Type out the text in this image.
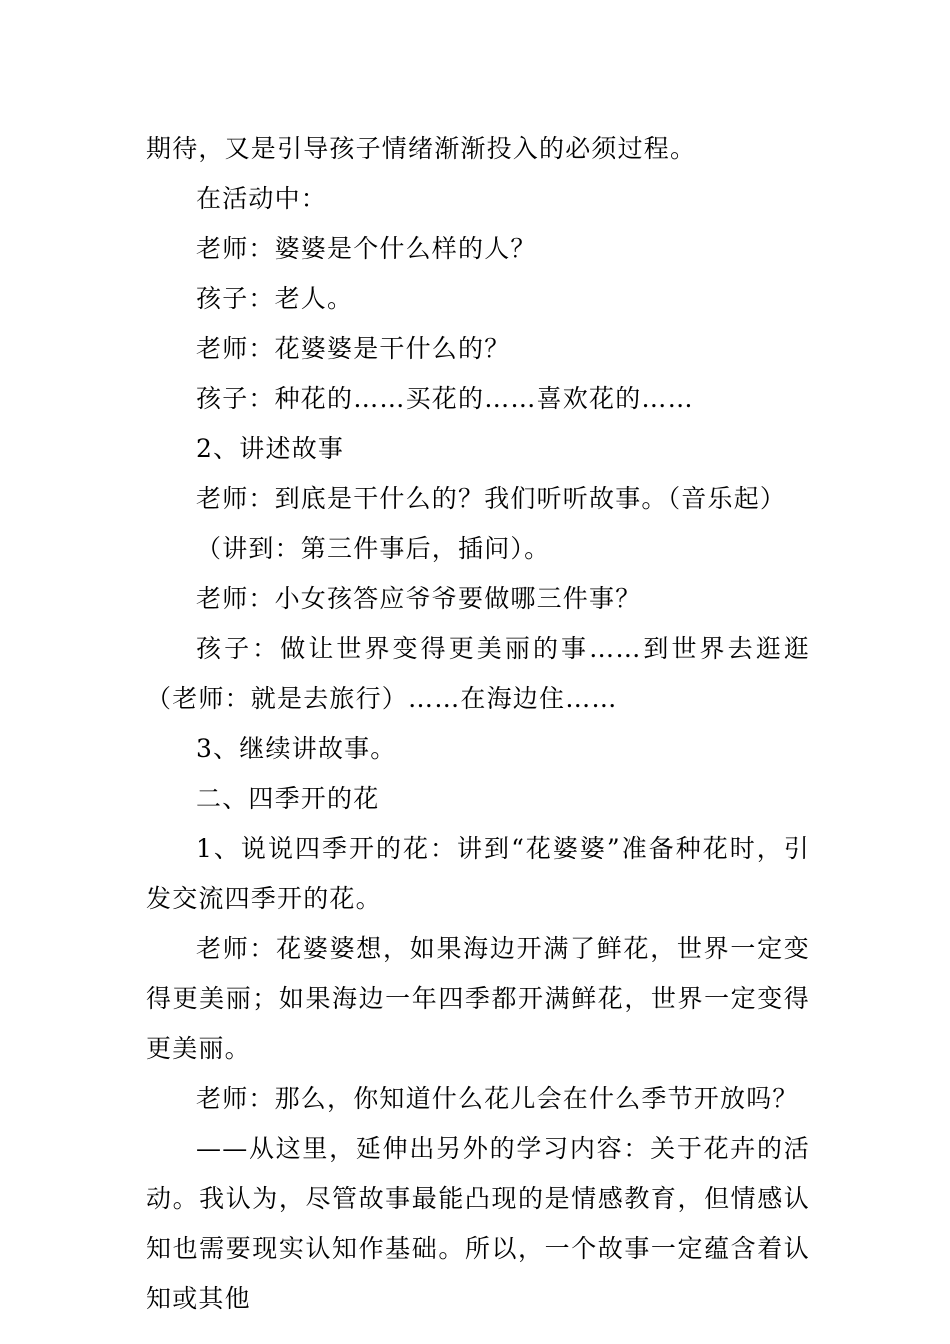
期待，又是引导孩子情绪渐渐投入的必须过程。

在活动中：

老师：婆婆是个什么样的人？

孩子：老人。

老师：花婆婆是干什么的？

孩子：种花的……买花的……喜欢花的……

2、讲述故事

老师：到底是干什么的？我们听听故事。（音乐起）

（讲到：第三件事后，插问）。

老师：小女孩答应爷爷要做哪三件事？

孩子：做让世界变得更美丽的事……到世界去逛逛（老师：就是去旅行）……在海边住……

3、继续讲故事。

二、四季开的花

1、说说四季开的花：讲到“花婆婆”准备种花时，引发交流四季开的花。

老师：花婆婆想，如果海边开满了鲜花，世界一定变得更美丽；如果海边一年四季都开满鲜花，世界一定变得更美丽。

老师：那么，你知道什么花儿会在什么季节开放吗？

——从这里，延伸出另外的学习内容：关于花卉的活动。我认为，尽管故事最能凸现的是情感教育，但情感认知也需要现实认知作基础。所以，一个故事一定蕴含着认知或其他
